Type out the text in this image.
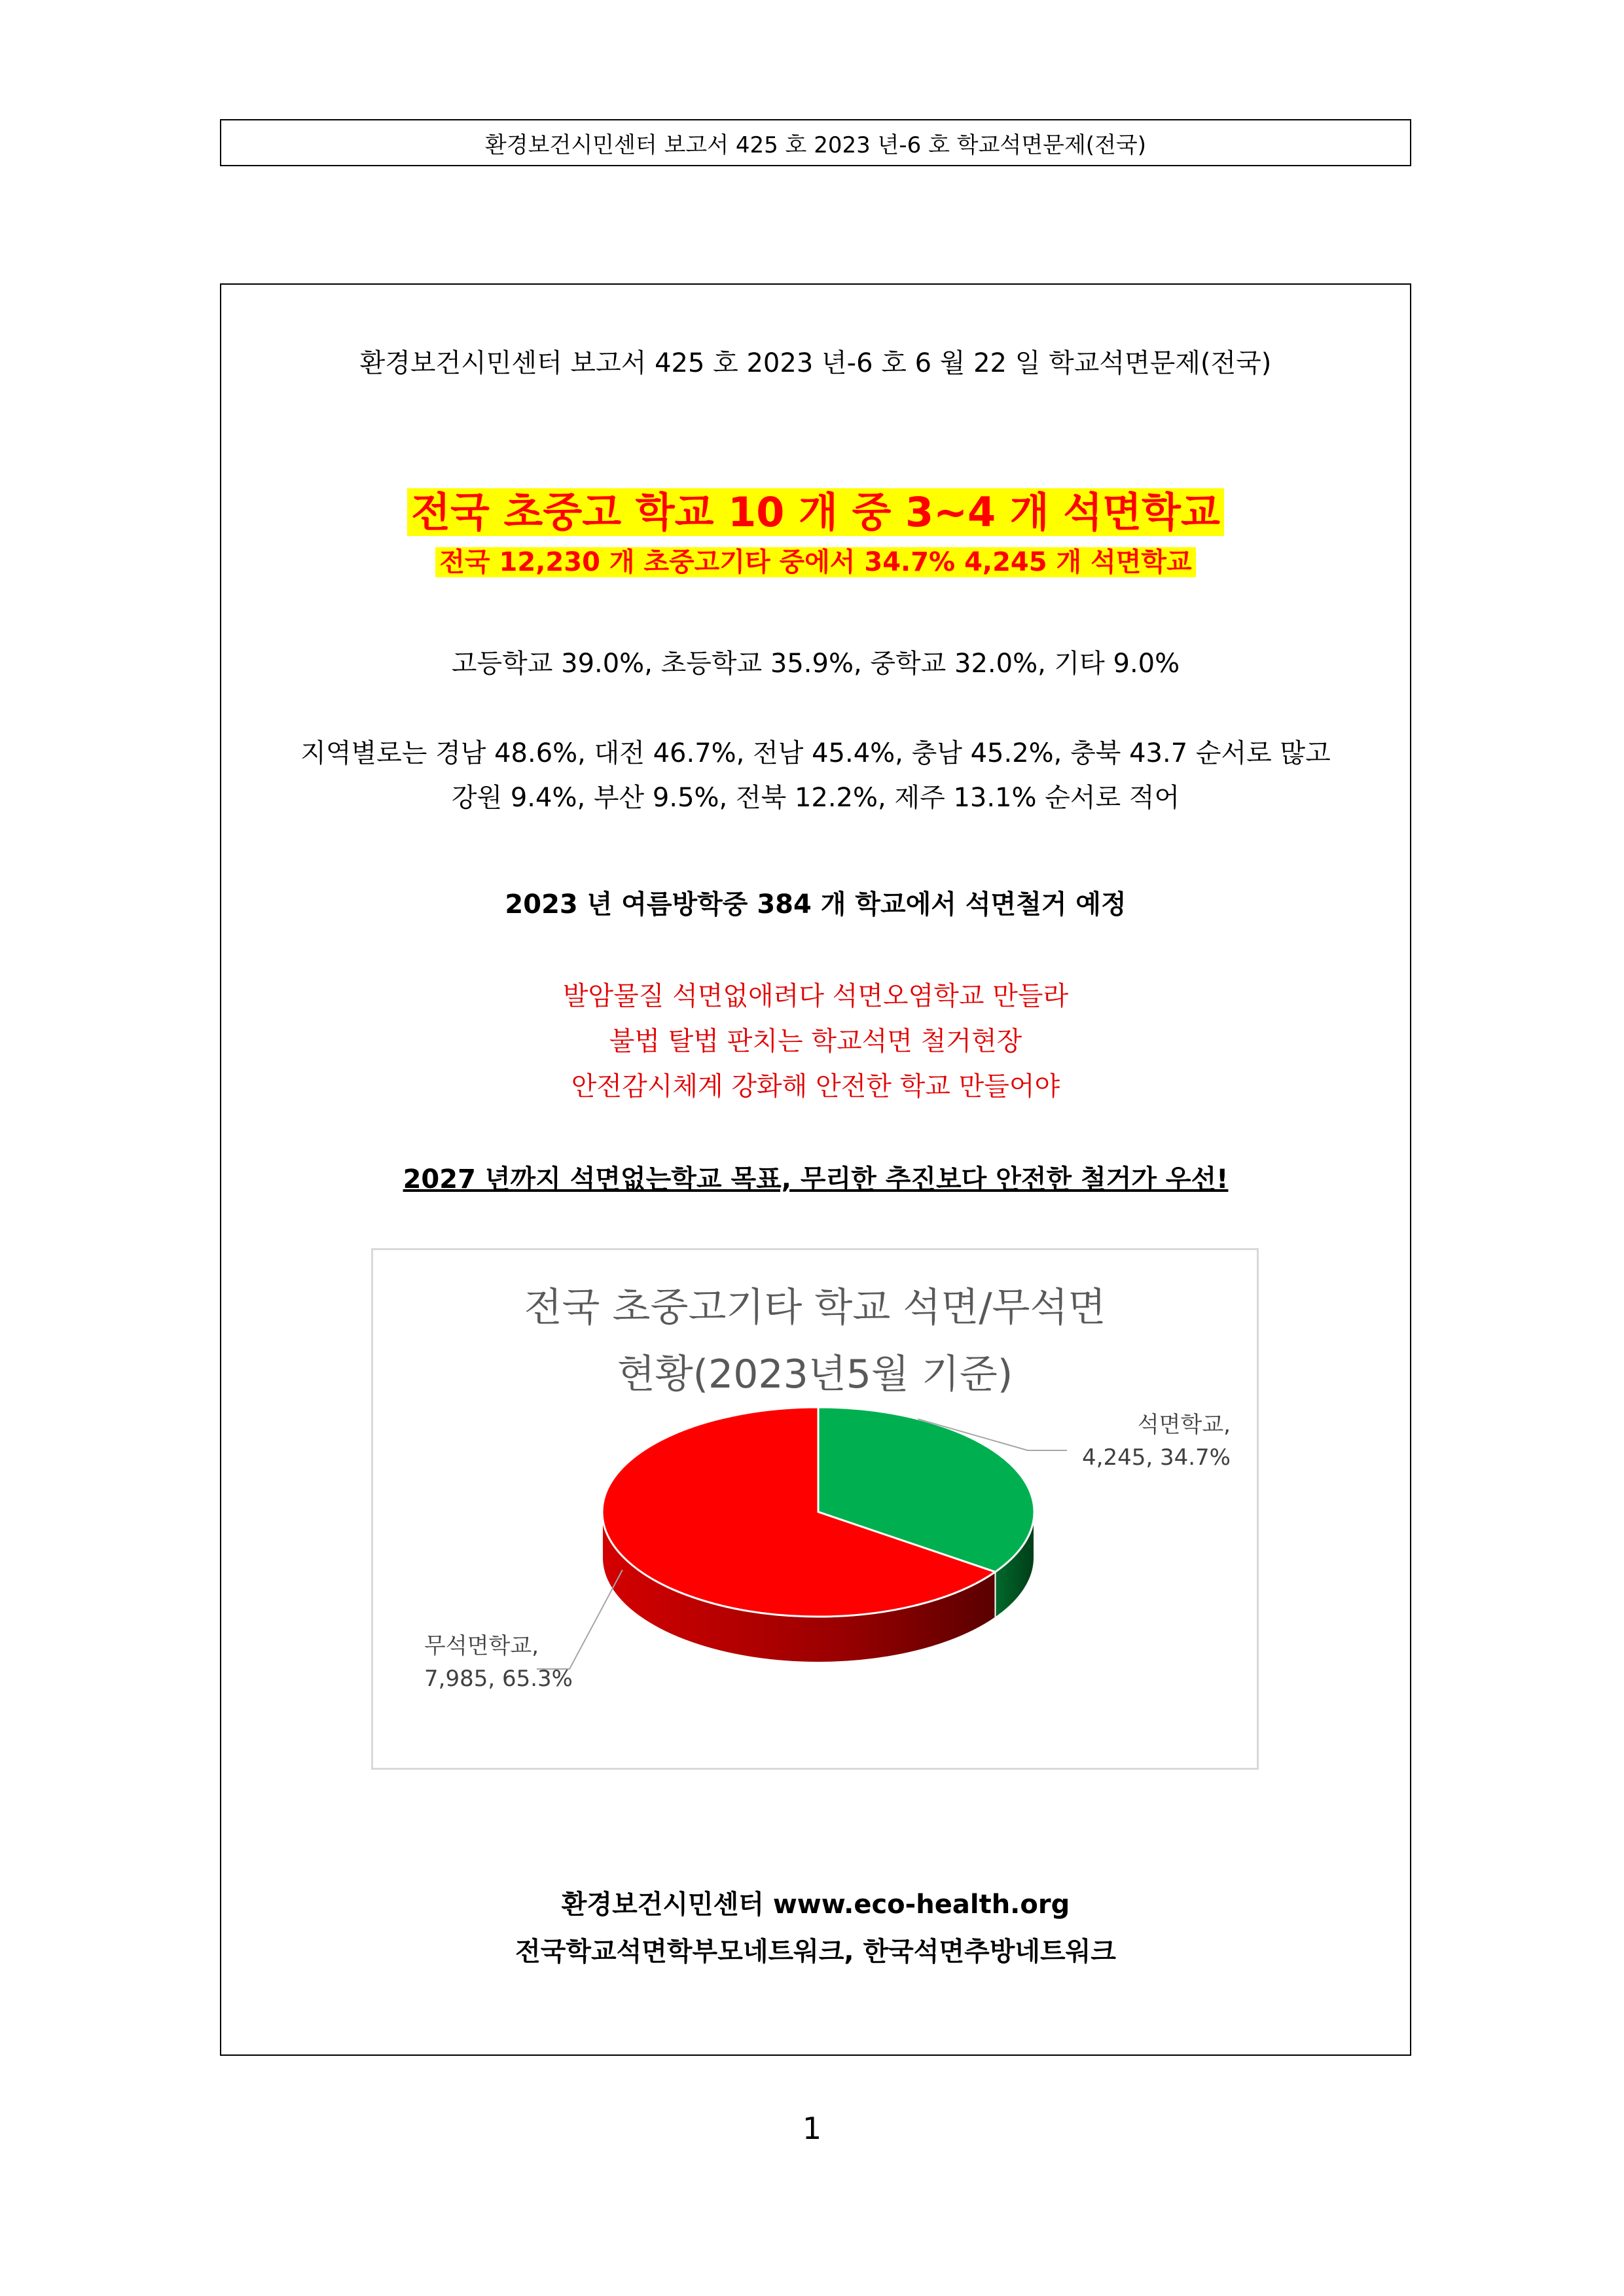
환경보건시민센터 보고서 425 호 2023 년-6 호 학교석면문제(전국)
환경보건시민센터 보고서 425 호 2023 년-6 호 6 월 22 일 학교석면문제(전국)
전국 초중고 학교 10 개 중 3~4 개 석면학교
전국 12,230 개 초중고기타 중에서 34.7% 4,245 개 석면학교
고등학교 39.0%, 초등학교 35.9%, 중학교 32.0%, 기타 9.0%
지역별로는 경남 48.6%, 대전 46.7%, 전남 45.4%, 충남 45.2%, 충북 43.7 순서로 많고
강원 9.4%, 부산 9.5%, 전북 12.2%, 제주 13.1% 순서로 적어
2023 년 여름방학중 384 개 학교에서 석면철거 예정
발암물질 석면없애려다 석면오염학교 만들라
불법 탈법 판치는 학교석면 철거현장
안전감시체계 강화해 안전한 학교 만들어야
2027 년까지 석면없는학교 목표, 무리한 추진보다 안전한 철거가 우선!
전국 초중고기타 학교 석면/무석면
현황(2023년5월 기준)
석면학교,
4,245, 34.7%
무석면학교,
7,985, 65.3%
환경보건시민센터 www.eco-health.org
전국학교석면학부모네트워크, 한국석면추방네트워크
1
